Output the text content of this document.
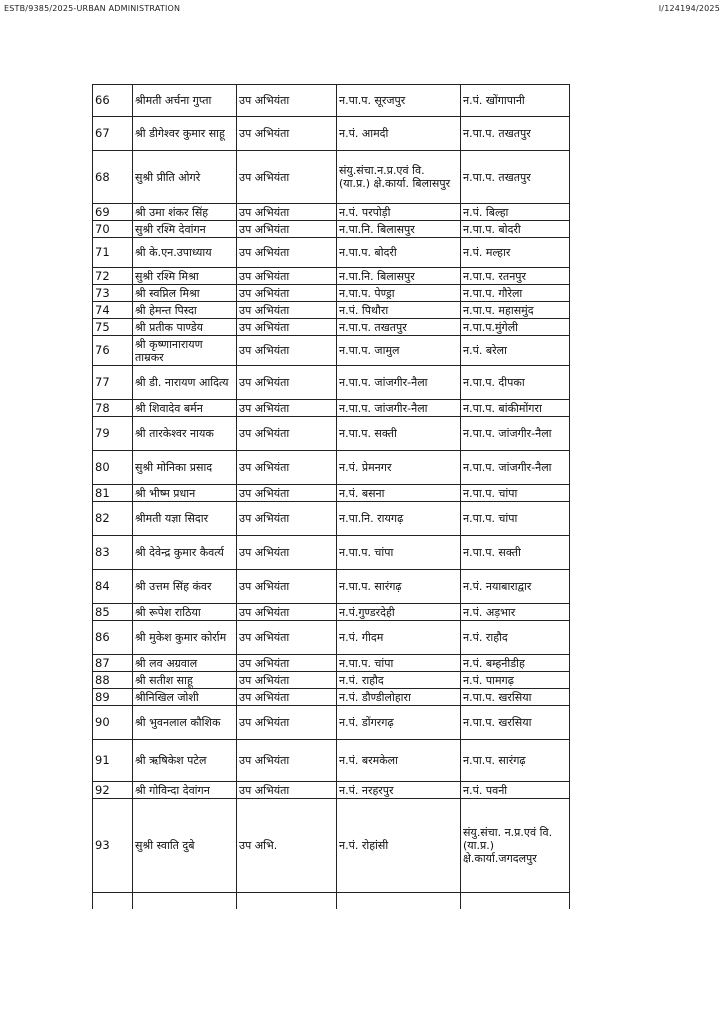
ESTB/9385/2025-URBAN ADMINISTRATION	I/124194/2025
66	श्रीमती अर्चना गुप्ता	उप अभियंता	न.पा.प. सूरजपुर	न.पं. खोंगापानी
67	श्री डीगेश्वर कुमार साहू	उप अभियंता	न.पं. आमदी	न.पा.प. तखतपुर
68	सुश्री प्रीति ओगरे	उप अभियंता	संयु.संचा.न.प्र.एवं वि. (या.प्र.) क्षे.कार्या. बिलासपुर	न.पा.प. तखतपुर
69	श्री उमा शंकर सिंह	उप अभियंता	न.पं. परपोड़ी	न.पं. बिल्हा
70	सुश्री रश्मि देवांगन	उप अभियंता	न.पा.नि. बिलासपुर	न.पा.प. बोदरी
71	श्री के.एन.उपाध्याय	उप अभियंता	न.पा.प. बोदरी	न.पं. मल्हार
72	सुश्री रश्मि मिश्रा	उप अभियंता	न.पा.नि. बिलासपुर	न.पा.प. रतनपुर
73	श्री स्वप्निल मिश्रा	उप अभियंता	न.पा.प. पेण्ड्रा	न.पा.प. गौरेला
74	श्री हेमन्त पिस्दा	उप अभियंता	न.पं. पिथौरा	न.पा.प. महासमुंद
75	श्री प्रतीक पाण्डेय	उप अभियंता	न.पा.प. तखतपुर	न.पा.प.मुंगेली
76	श्री कृष्णानारायण ताम्रकर	उप अभियंता	न.पा.प. जामुल	न.पं. बरेला
77	श्री डी. नारायण आदित्य	उप अभियंता	न.पा.प. जांजगीर-नैला	न.पा.प. दीपका
78	श्री शिवादेव बर्मन	उप अभियंता	न.पा.प. जांजगीर-नैला	न.पा.प. बांकीमोंगरा
79	श्री तारकेश्वर नायक	उप अभियंता	न.पा.प. सक्ती	न.पा.प. जांजगीर-नैला
80	सुश्री मोनिका प्रसाद	उप अभियंता	न.पं. प्रेमनगर	न.पा.प. जांजगीर-नैला
81	श्री भीष्म प्रधान	उप अभियंता	न.पं. बसना	न.पा.प. चांपा
82	श्रीमती यज्ञा सिदार	उप अभियंता	न.पा.नि. रायगढ़	न.पा.प. चांपा
83	श्री देवेन्द्र कुमार कैवर्त्य	उप अभियंता	न.पा.प. चांपा	न.पा.प. सक्ती
84	श्री उत्तम सिंह कंवर	उप अभियंता	न.पा.प. सारंगढ़	न.पं. नयाबाराद्वार
85	श्री रूपेश राठिया	उप अभियंता	न.पं.गुण्डरदेही	न.पं. अड़भार
86	श्री मुकेश कुमार कोर्राम	उप अभियंता	न.पं. गीदम	न.पं. राहौद
87	श्री लव अग्रवाल	उप अभियंता	न.पा.प. चांपा	न.पं. बम्हनीडीह
88	श्री सतीश साहू	उप अभियंता	न.पं. राहौद	न.पं. पामगढ़
89	श्रीनिखिल जोशी	उप अभियंता	न.पं. डौण्डीलोहारा	न.पा.प. खरसिया
90	श्री भुवनलाल कौशिक	उप अभियंता	न.पं. डोंगरगढ़	न.पा.प. खरसिया
91	श्री ऋषिकेश पटेल	उप अभियंता	न.पं. बरमकेला	न.पा.प. सारंगढ़
92	श्री गोविन्दा देवांगन	उप अभियंता	न.पं. नरहरपुर	न.पं. पवनी
93	सुश्री स्वाति दुबे	उप अभि.	न.पं. रोहांसी	संयु.संचा. न.प्र.एवं वि. (या.प्र.) क्षे.कार्या.जगदलपुर
